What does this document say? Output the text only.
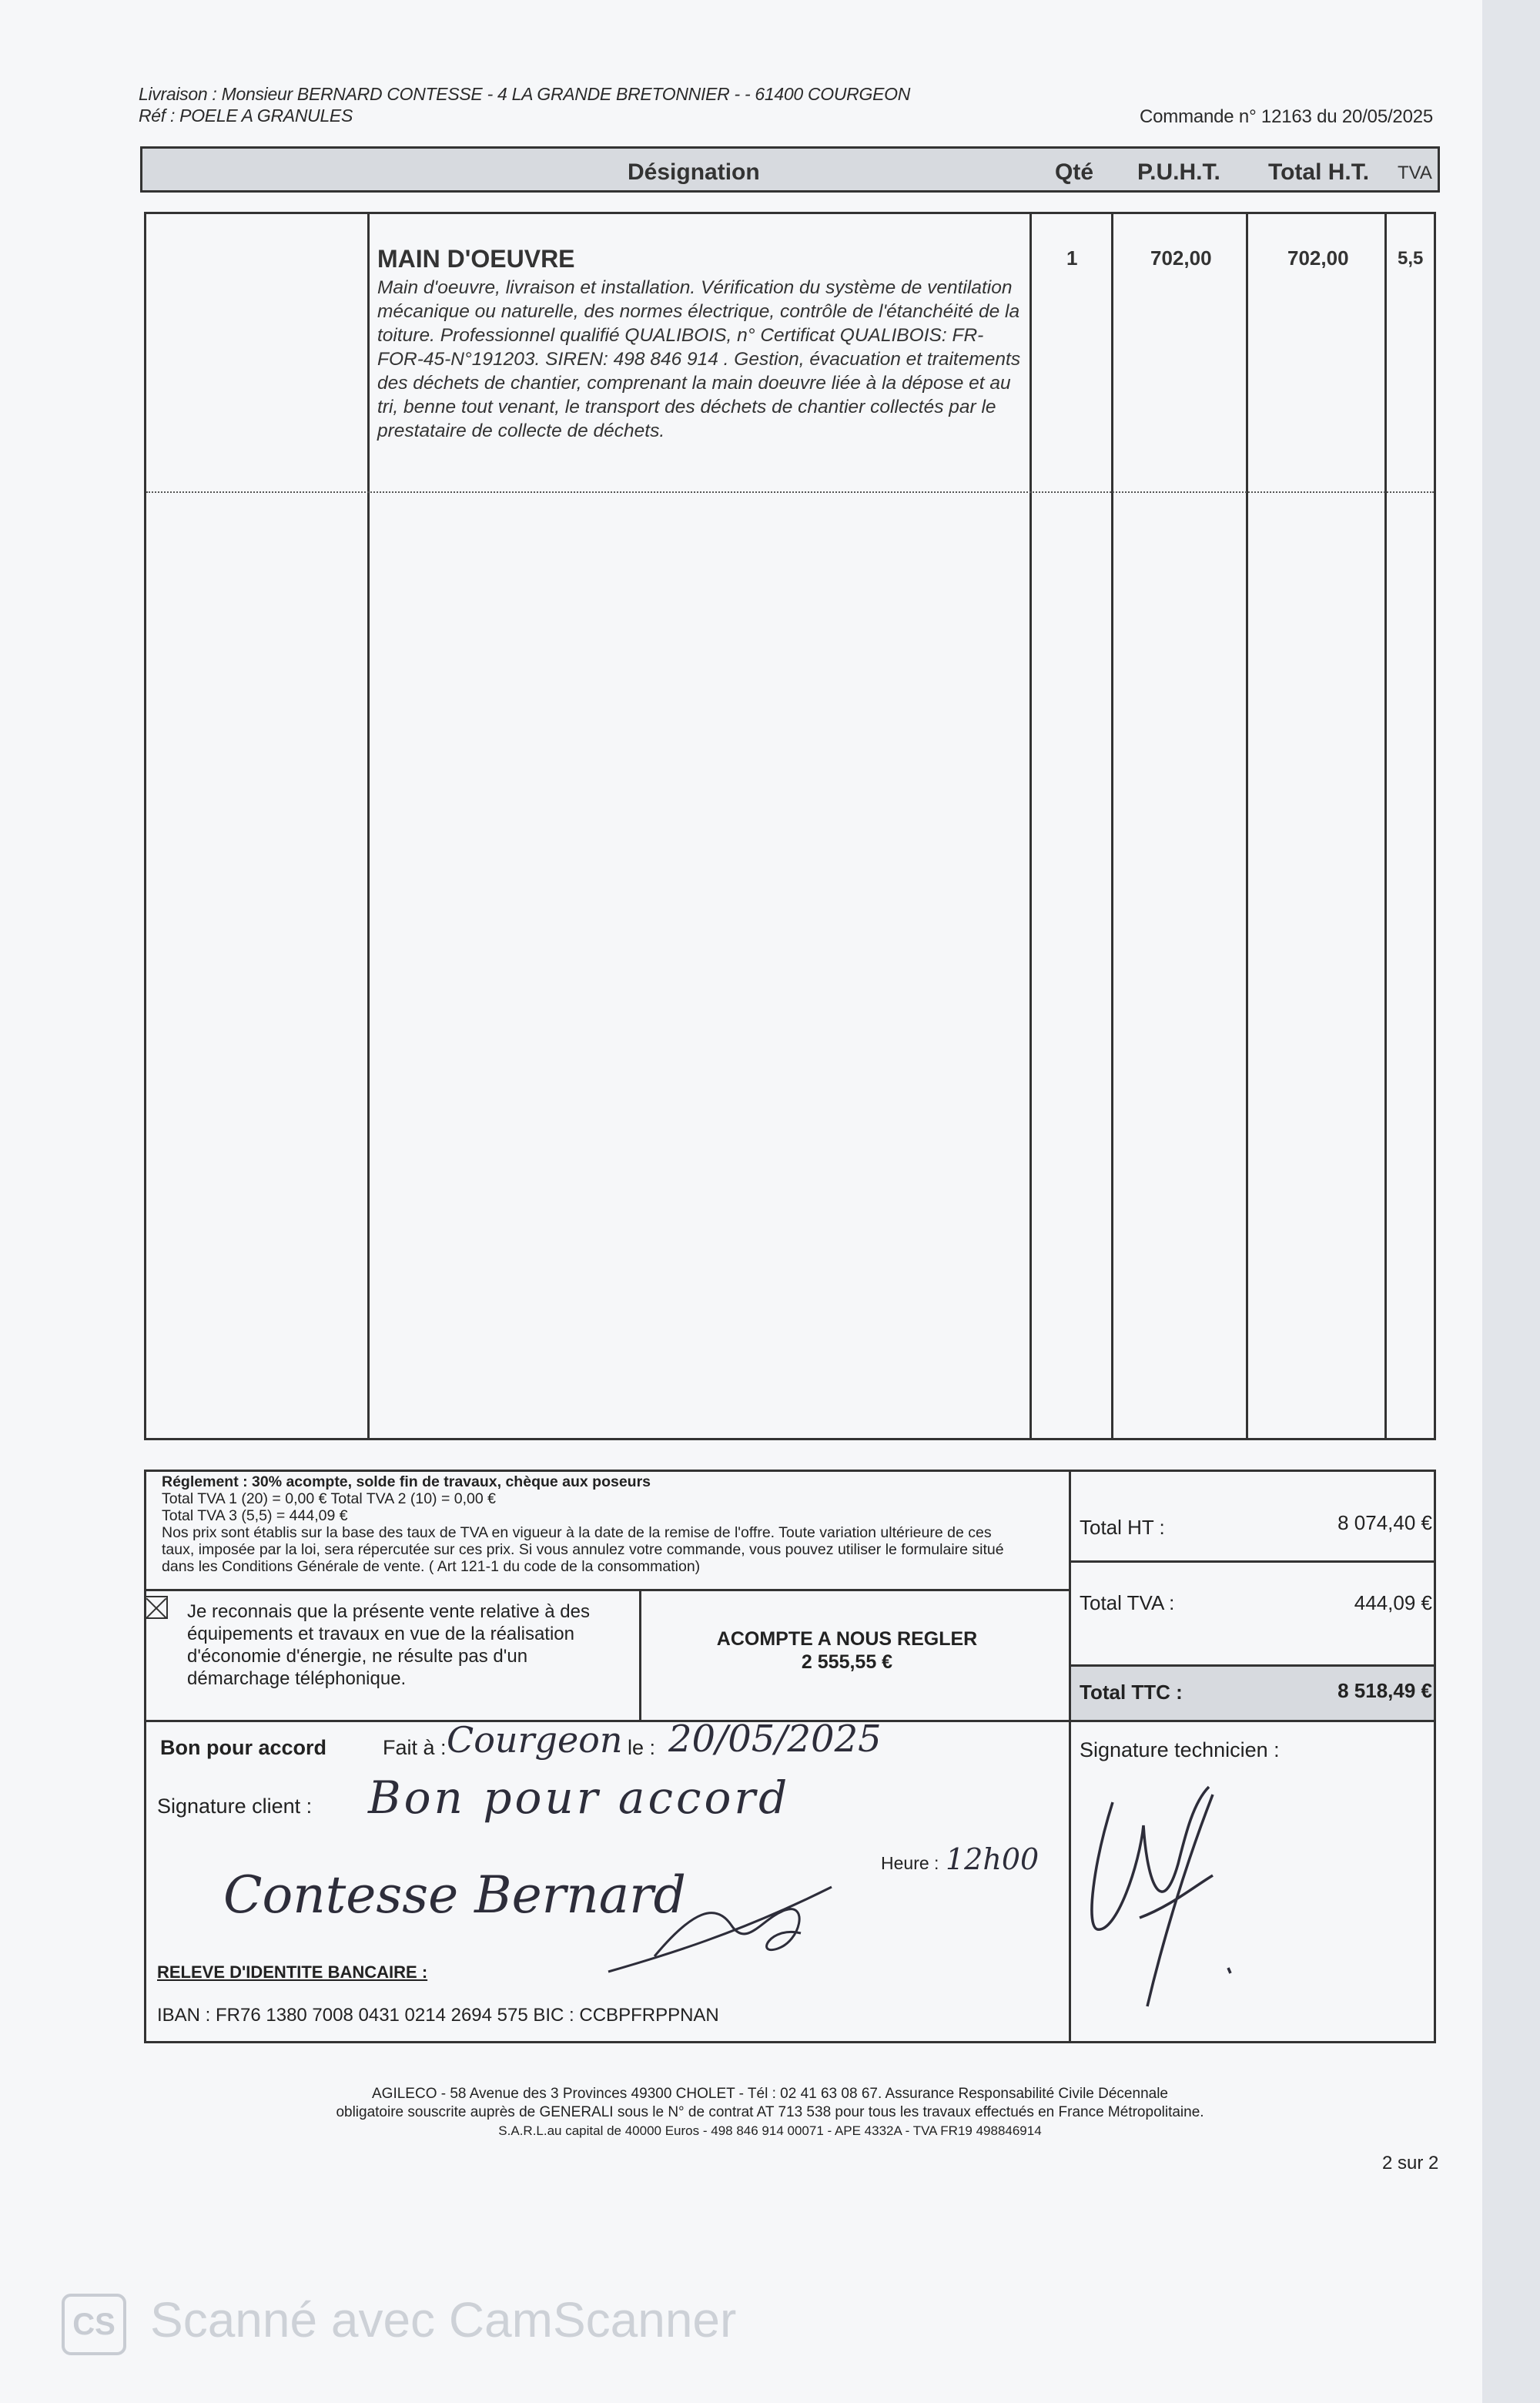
Livraison : Monsieur BERNARD CONTESSE - 4 LA GRANDE BRETONNIER - - 61400 COURGEON
Réf : POELE A GRANULES	Commande n° 12163 du 20/05/2025
Désignation	Qté P.U.H.T. Total H.T. TVA
MAIN D'OEUVRE
Main d'oeuvre, livraison et installation. Vérification du système de ventilation mécanique ou naturelle, des normes électrique, contrôle de l'étanchéité de la toiture. Professionnel qualifié QUALIBOIS, n° Certificat QUALIBOIS: FR-FOR-45-N°191203. SIREN: 498 846 914 . Gestion, évacuation et traitements des déchets de chantier, comprenant la main doeuvre liée à la dépose et au tri, benne tout venant, le transport des déchets de chantier collectés par le prestataire de collecte de déchets.
1	702,00	702,00	5,5
Réglement : 30% acompte, solde fin de travaux, chèque aux poseurs
Total TVA 1 (20) = 0,00 € Total TVA 2 (10) = 0,00 €
Total TVA 3 (5,5) = 444,09 €
Nos prix sont établis sur la base des taux de TVA en vigueur à la date de la remise de l'offre. Toute variation ultérieure de ces taux, imposée par la loi, sera répercutée sur ces prix. Si vous annulez votre commande, vous pouvez utiliser le formulaire situé dans les Conditions Générale de vente. ( Art 121-1 du code de la consommation)
Je reconnais que la présente vente relative à des équipements et travaux en vue de la réalisation d'économie d'énergie, ne résulte pas d'un démarchage téléphonique.
ACOMPTE A NOUS REGLER
2 555,55 €
Total HT :	8 074,40 €
Total TVA :	444,09 €
Total TTC :	8 518,49 €
Bon pour accord	Fait à : Courgeon le : 20/05/2025
Signature client : Bon pour accord
Heure : 12h00
Contesse Bernard
Signature technicien :
RELEVE D'IDENTITE BANCAIRE :
IBAN : FR76 1380 7008 0431 0214 2694 575 BIC : CCBPFRPPNAN
AGILECO - 58 Avenue des 3 Provinces 49300 CHOLET - Tél : 02 41 63 08 67. Assurance Responsabilité Civile Décennale
obligatoire souscrite auprès de GENERALI sous le N° de contrat AT 713 538 pour tous les travaux effectués en France Métropolitaine.
S.A.R.L.au capital de 40000 Euros - 498 846 914 00071 - APE 4332A - TVA FR19 498846914
2 sur 2
CS Scanné avec CamScanner
